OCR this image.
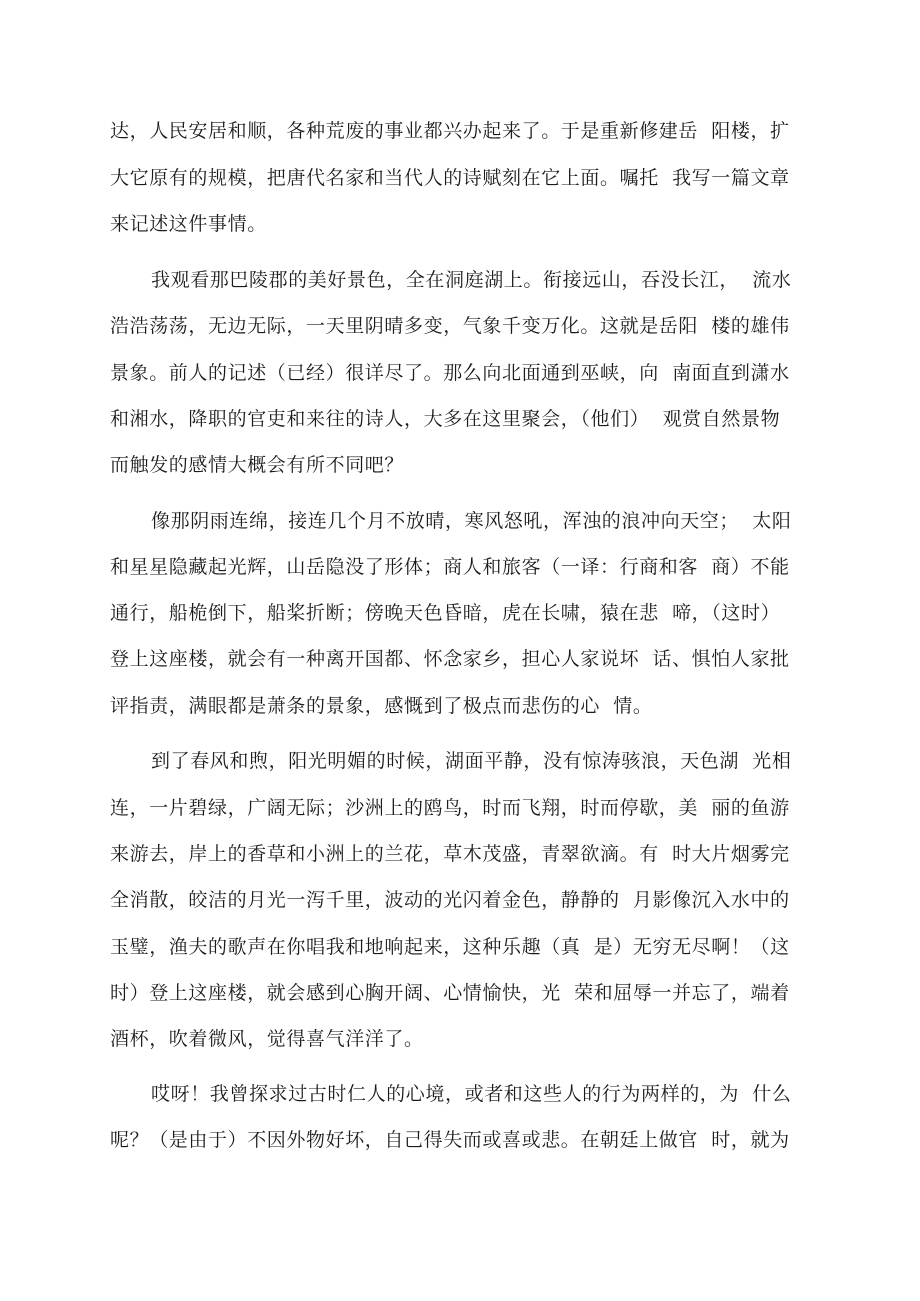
达，人民安居和顺，各种荒废的事业都兴办起来了。于是重新修建岳  阳楼，扩
大它原有的规模，把唐代名家和当代人的诗赋刻在它上面。嘱托  我写一篇文章
来记述这件事情。
我观看那巴陵郡的美好景色，全在洞庭湖上。衔接远山，吞没长江，  流水
浩浩荡荡，无边无际，一天里阴晴多变，气象千变万化。这就是岳阳  楼的雄伟
景象。前人的记述（已经）很详尽了。那么向北面通到巫峡，向  南面直到潇水
和湘水，降职的官吏和来往的诗人，大多在这里聚会，（他们）  观赏自然景物
而触发的感情大概会有所不同吧？
像那阴雨连绵，接连几个月不放晴，寒风怒吼，浑浊的浪冲向天空；  太阳
和星星隐藏起光辉，山岳隐没了形体；商人和旅客（一译：行商和客  商）不能
通行，船桅倒下，船桨折断；傍晚天色昏暗，虎在长啸，猿在悲  啼，（这时）
登上这座楼，就会有一种离开国都、怀念家乡，担心人家说坏  话、惧怕人家批
评指责，满眼都是萧条的景象，感慨到了极点而悲伤的心  情。
到了春风和煦，阳光明媚的时候，湖面平静，没有惊涛骇浪，天色湖  光相
连，一片碧绿，广阔无际；沙洲上的鸥鸟，时而飞翔，时而停歇，美  丽的鱼游
来游去，岸上的香草和小洲上的兰花，草木茂盛，青翠欲滴。有  时大片烟雾完
全消散，皎洁的月光一泻千里，波动的光闪着金色，静静的  月影像沉入水中的
玉璧，渔夫的歌声在你唱我和地响起来，这种乐趣（真  是）无穷无尽啊！（这
时）登上这座楼，就会感到心胸开阔、心情愉快，光  荣和屈辱一并忘了，端着
酒杯，吹着微风，觉得喜气洋洋了。
哎呀！我曾探求过古时仁人的心境，或者和这些人的行为两样的，为  什么
呢？（是由于）不因外物好坏，自己得失而或喜或悲。在朝廷上做官  时，就为
